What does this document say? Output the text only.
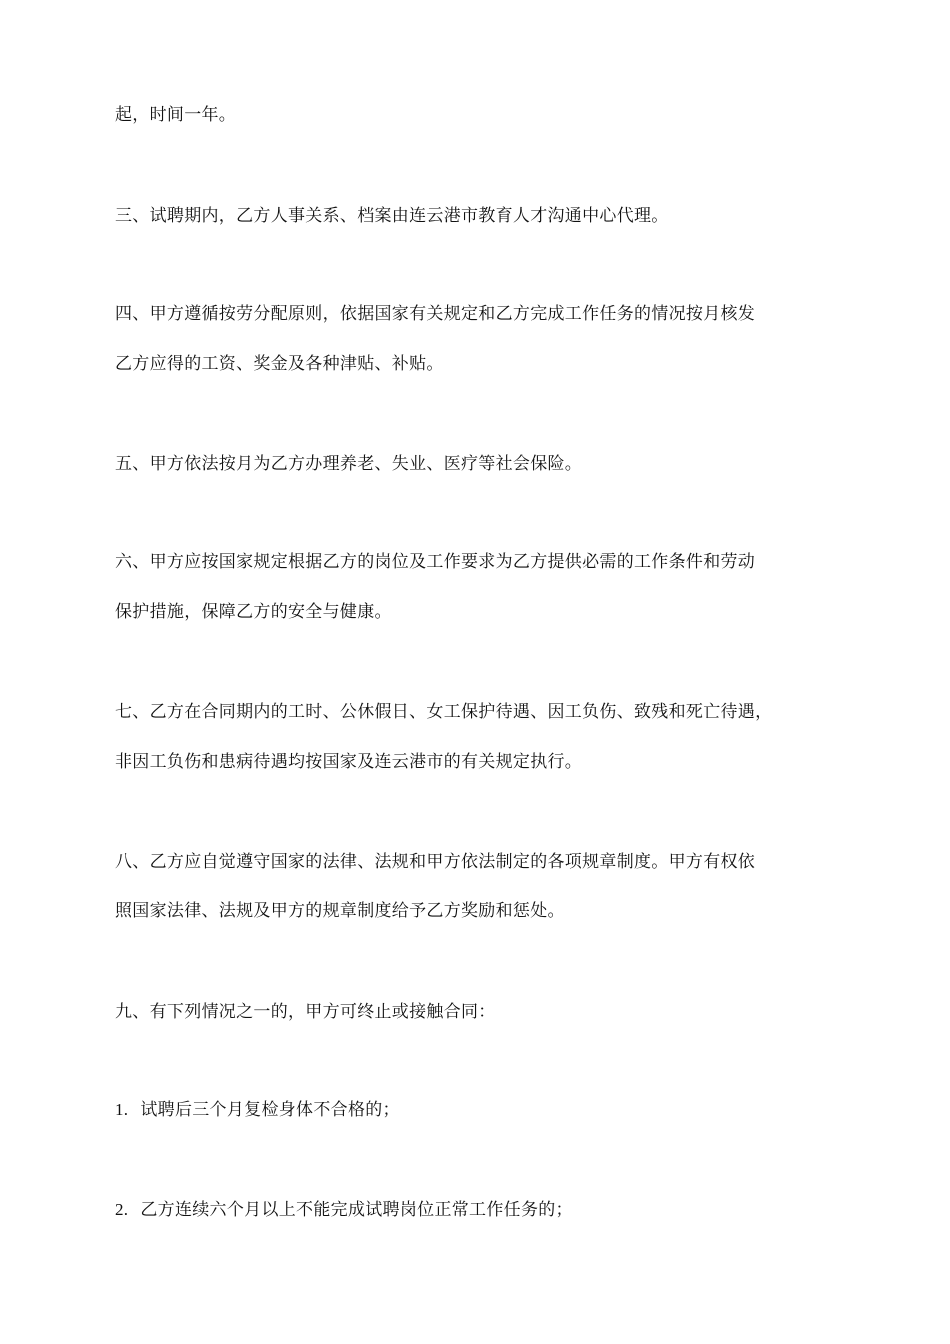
起，时间一年。
三、试聘期内，乙方人事关系、档案由连云港市教育人才沟通中心代理。
四、甲方遵循按劳分配原则，依据国家有关规定和乙方完成工作任务的情况按月核发
乙方应得的工资、奖金及各种津贴、补贴。
五、甲方依法按月为乙方办理养老、失业、医疗等社会保险。
六、甲方应按国家规定根据乙方的岗位及工作要求为乙方提供必需的工作条件和劳动
保护措施，保障乙方的安全与健康。
七、乙方在合同期内的工时、公休假日、女工保护待遇、因工负伤、致残和死亡待遇，
非因工负伤和患病待遇均按国家及连云港市的有关规定执行。
八、乙方应自觉遵守国家的法律、法规和甲方依法制定的各项规章制度。甲方有权依
照国家法律、法规及甲方的规章制度给予乙方奖励和惩处。
九、有下列情况之一的，甲方可终止或接触合同：
1. 试聘后三个月复检身体不合格的；
2. 乙方连续六个月以上不能完成试聘岗位正常工作任务的；
